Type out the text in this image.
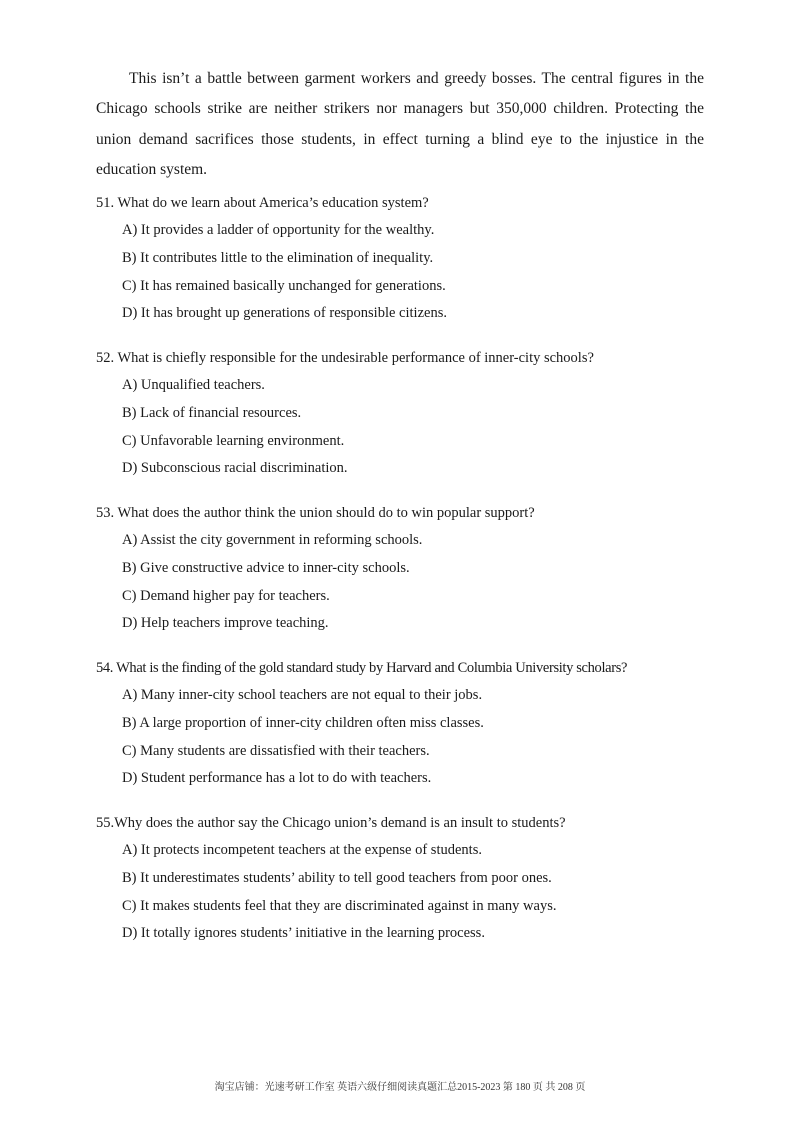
This isn’t a battle between garment workers and greedy bosses. The central figures in the Chicago schools strike are neither strikers nor managers but 350,000 children. Protecting the union demand sacrifices those students, in effect turning a blind eye to the injustice in the education system.

51. What do we learn about America’s education system?
A) It provides a ladder of opportunity for the wealthy.
B) It contributes little to the elimination of inequality.
C) It has remained basically unchanged for generations.
D) It has brought up generations of responsible citizens.
52. What is chiefly responsible for the undesirable performance of inner-city schools?
A) Unqualified teachers.
B) Lack of financial resources.
C) Unfavorable learning environment.
D) Subconscious racial discrimination.
53. What does the author think the union should do to win popular support?
A) Assist the city government in reforming schools.
B) Give constructive advice to inner-city schools.
C) Demand higher pay for teachers.
D) Help teachers improve teaching.
54. What is the finding of the gold standard study by Harvard and Columbia University scholars?
A) Many inner-city school teachers are not equal to their jobs.
B) A large proportion of inner-city children often miss classes.
C) Many students are dissatisfied with their teachers.
D) Student performance has a lot to do with teachers.
55.Why does the author say the Chicago union’s demand is an insult to students?
A) It protects incompetent teachers at the expense of students.
B) It underestimates students’ ability to tell good teachers from poor ones.
C) It makes students feel that they are discriminated against in many ways.
D) It totally ignores students’ initiative in the learning process.
淘宝店铺：光速考研工作室 英语六级仔细阅读真题汇总2015-2023 第 180 页 共 208 页
